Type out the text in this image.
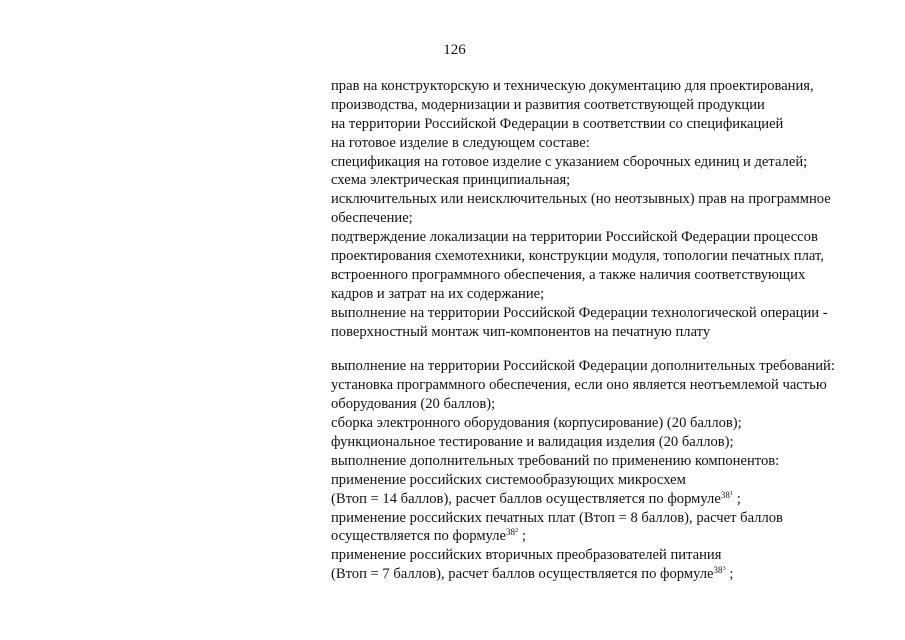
126
прав на конструкторскую и техническую документацию для проектирования,
производства, модернизации и развития соответствующей продукции
на территории Российской Федерации в соответствии со спецификацией
на готовое изделие в следующем составе:
спецификация на готовое изделие с указанием сборочных единиц и деталей;
схема электрическая принципиальная;
исключительных или неисключительных (но неотзывных) прав на программное
обеспечение;
подтверждение локализации на территории Российской Федерации процессов
проектирования схемотехники, конструкции модуля, топологии печатных плат,
встроенного программного обеспечения, а также наличия соответствующих
кадров и затрат на их содержание;
выполнение на территории Российской Федерации технологической операции -
поверхностный монтаж чип-компонентов на печатную плату
выполнение на территории Российской Федерации дополнительных требований:
установка программного обеспечения, если оно является неотъемлемой частью
оборудования (20 баллов);
сборка электронного оборудования (корпусирование) (20 баллов);
функциональное тестирование и валидация изделия (20 баллов);
выполнение дополнительных требований по применению компонентов:
применение российских системообразующих микросхем
(Втоп = 14 баллов), расчет баллов осуществляется по формуле$^{38^1}$ ;
применение российских печатных плат (Втоп = 8 баллов), расчет баллов
осуществляется по формуле$^{38^2}$ ;
применение российских вторичных преобразователей питания
(Втоп = 7 баллов), расчет баллов осуществляется по формуле$^{38^3}$ ;
